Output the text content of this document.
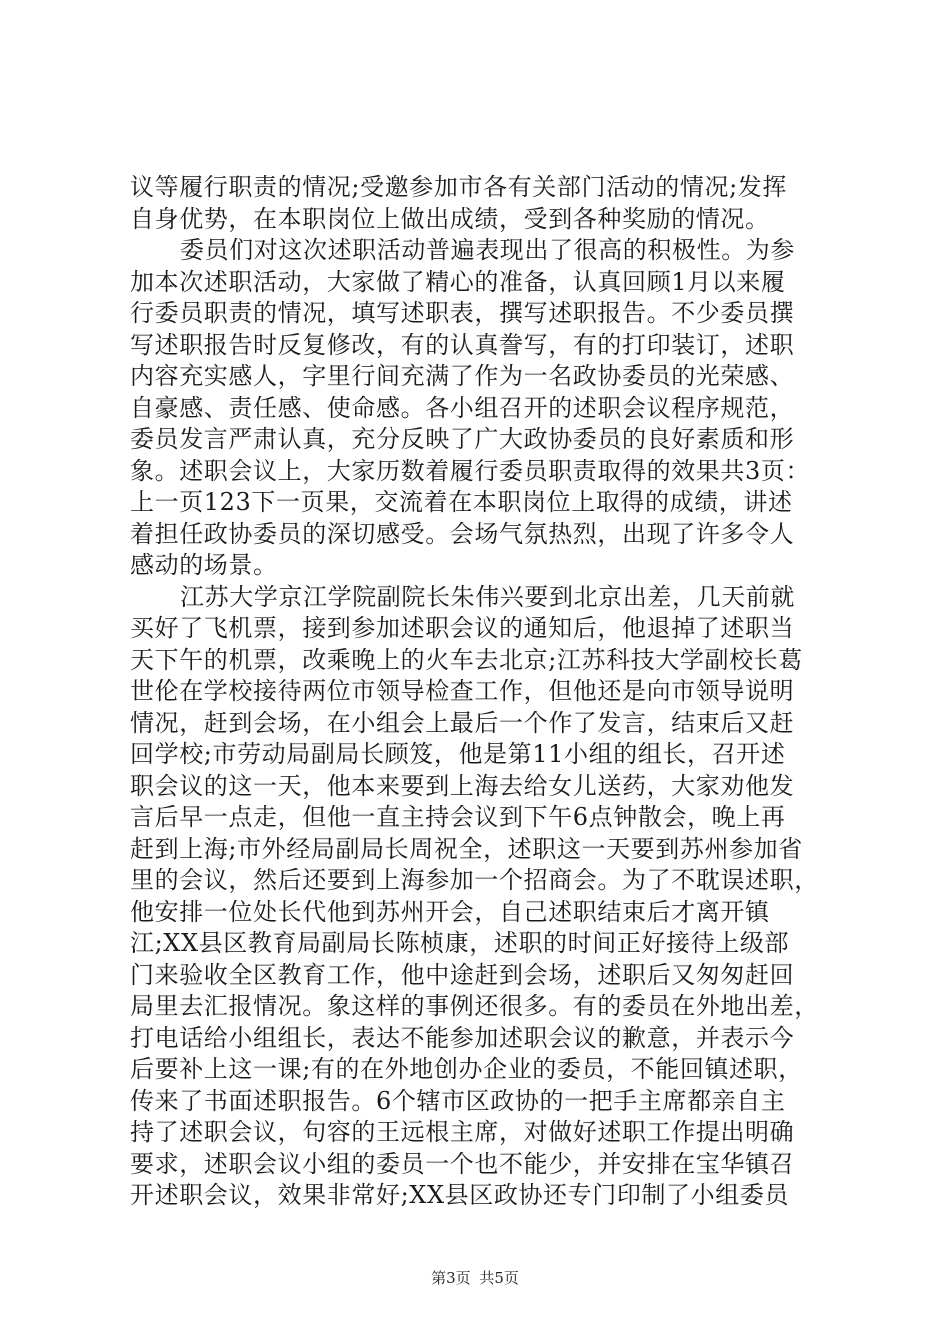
议等履行职责的情况;受邀参加市各有关部门活动的情况;发挥
自身优势，在本职岗位上做出成绩，受到各种奖励的情况。
委员们对这次述职活动普遍表现出了很高的积极性。为参
加本次述职活动，大家做了精心的准备，认真回顾1月以来履
行委员职责的情况，填写述职表，撰写述职报告。不少委员撰
写述职报告时反复修改，有的认真誊写，有的打印装订，述职
内容充实感人，字里行间充满了作为一名政协委员的光荣感、
自豪感、责任感、使命感。各小组召开的述职会议程序规范，
委员发言严肃认真，充分反映了广大政协委员的良好素质和形
象。述职会议上，大家历数着履行委员职责取得的效果共3页：
上一页123下一页果，交流着在本职岗位上取得的成绩，讲述
着担任政协委员的深切感受。会场气氛热烈，出现了许多令人
感动的场景。
江苏大学京江学院副院长朱伟兴要到北京出差，几天前就
买好了飞机票，接到参加述职会议的通知后，他退掉了述职当
天下午的机票，改乘晚上的火车去北京;江苏科技大学副校长葛
世伦在学校接待两位市领导检查工作，但他还是向市领导说明
情况，赶到会场，在小组会上最后一个作了发言，结束后又赶
回学校;市劳动局副局长顾笈，他是第11小组的组长，召开述
职会议的这一天，他本来要到上海去给女儿送药，大家劝他发
言后早一点走，但他一直主持会议到下午6点钟散会，晚上再
赶到上海;市外经局副局长周祝全，述职这一天要到苏州参加省
里的会议，然后还要到上海参加一个招商会。为了不耽误述职，
他安排一位处长代他到苏州开会，自己述职结束后才离开镇
江;XX县区教育局副局长陈桢康，述职的时间正好接待上级部
门来验收全区教育工作，他中途赶到会场，述职后又匆匆赶回
局里去汇报情况。象这样的事例还很多。有的委员在外地出差，
打电话给小组组长，表达不能参加述职会议的歉意，并表示今
后要补上这一课;有的在外地创办企业的委员，不能回镇述职，
传来了书面述职报告。6个辖市区政协的一把手主席都亲自主
持了述职会议，句容的王远根主席，对做好述职工作提出明确
要求，述职会议小组的委员一个也不能少，并安排在宝华镇召
开述职会议，效果非常好;XX县区政协还专门印制了小组委员
第3页 共5页
